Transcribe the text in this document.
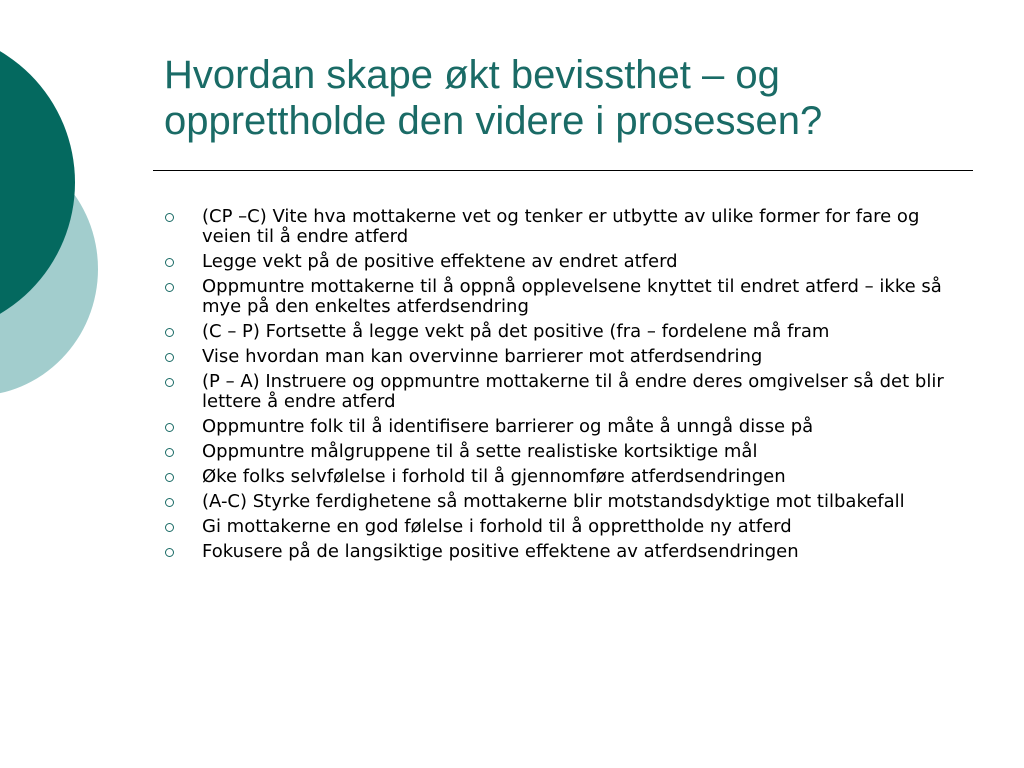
Hvordan skape økt bevissthet – og
opprettholde den videre i prosessen?
(CP –C) Vite hva mottakerne vet og tenker er utbytte av ulike former for fare og veien til å endre atferd
Legge vekt på de positive effektene av endret atferd
Oppmuntre mottakerne til å oppnå opplevelsene knyttet til endret atferd – ikke så mye på den enkeltes atferdsendring
(C – P) Fortsette å legge vekt på det positive (fra – fordelene må fram
Vise hvordan man kan overvinne barrierer mot atferdsendring
(P – A) Instruere og oppmuntre mottakerne til å endre deres omgivelser så det blir lettere å endre atferd
Oppmuntre folk til å identifisere barrierer og måte å unngå disse på
Oppmuntre målgruppene til å sette realistiske kortsiktige mål
Øke folks selvfølelse i forhold til å gjennomføre atferdsendringen
(A-C) Styrke ferdighetene så mottakerne blir motstandsdyktige mot tilbakefall
Gi mottakerne en god følelse i forhold til å opprettholde ny atferd
Fokusere på de langsiktige positive effektene av atferdsendringen
